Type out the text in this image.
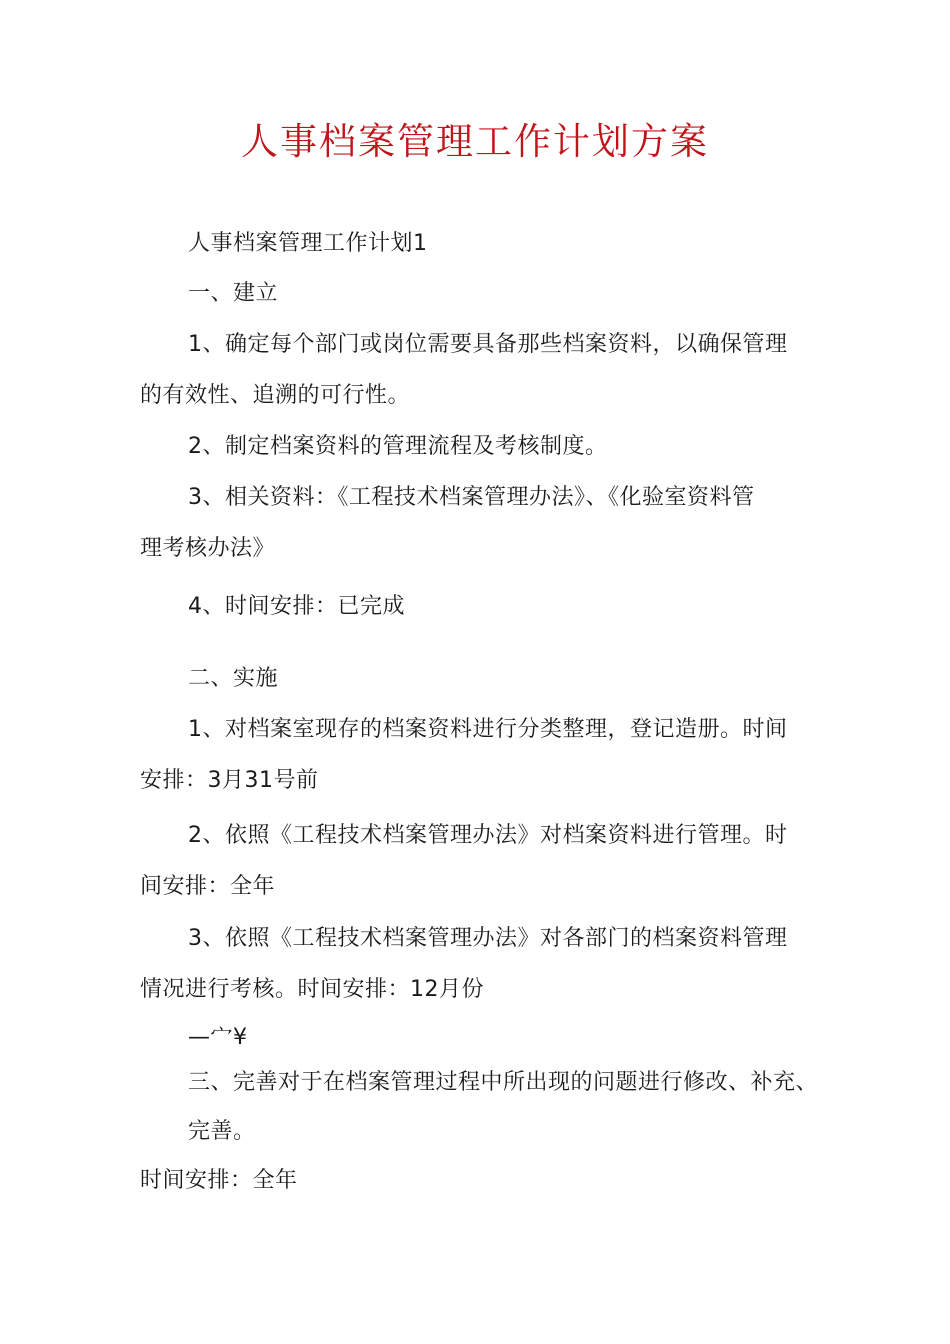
人事档案管理工作计划方案
人事档案管理工作计划1
一、建立
1、确定每个部门或岗位需要具备那些档案资料，以确保管理
的有效性、追溯的可行性。
2、制定档案资料的管理流程及考核制度。
3、相关资料：《工程技术档案管理办法》、《化验室资料管
理考核办法》
4、时间安排：已完成
二、实施
1、对档案室现存的档案资料进行分类整理，登记造册。时间
安排：3月31号前
2、依照《工程技术档案管理办法》对档案资料进行管理。时
间安排：全年
3、依照《工程技术档案管理办法》对各部门的档案资料管理
情况进行考核。时间安排：12月份
—宀¥
三、完善对于在档案管理过程中所出现的问题进行修改、补充、
完善。
时间安排：全年
